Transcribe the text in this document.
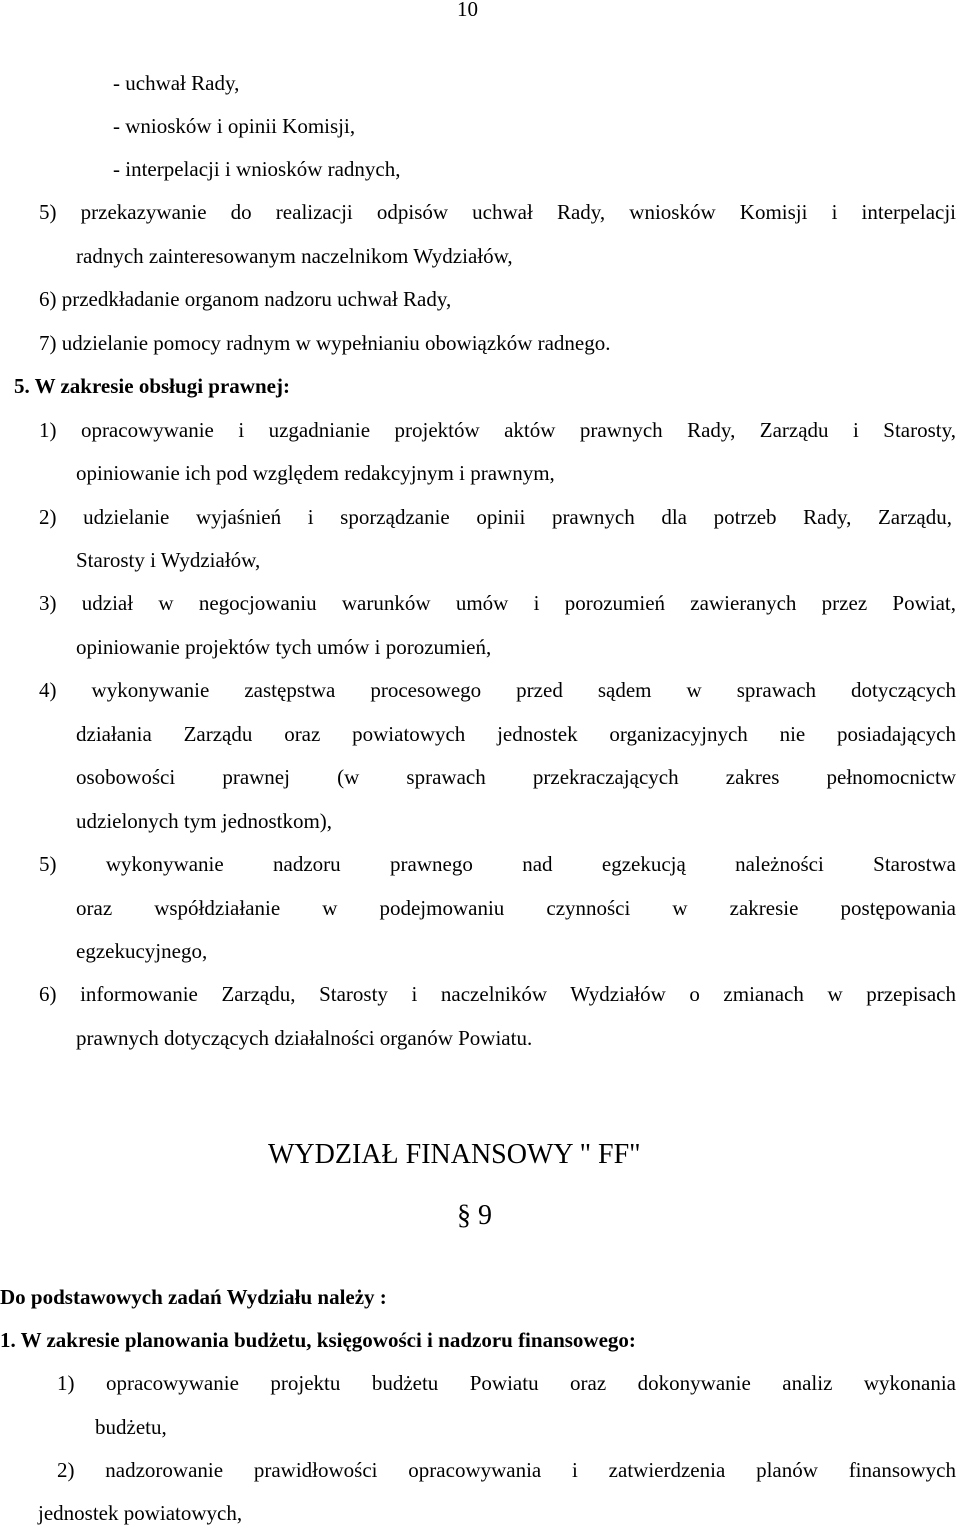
10
- uchwał Rady,
- wniosków i opinii Komisji,
- interpelacji i wniosków radnych,
5) przekazywanie do realizacji odpisów uchwał Rady, wniosków Komisji i interpelacji
radnych zainteresowanym naczelnikom Wydziałów,
6) przedkładanie organom nadzoru uchwał Rady,
7) udzielanie pomocy radnym w wypełnianiu obowiązków radnego.
5. W zakresie obsługi prawnej:
1) opracowywanie i uzgadnianie projektów aktów prawnych Rady, Zarządu i Starosty,
opiniowanie ich pod względem redakcyjnym i prawnym,
2) udzielanie wyjaśnień i sporządzanie opinii prawnych dla potrzeb Rady, Zarządu,
Starosty i Wydziałów,
3) udział w negocjowaniu warunków umów i porozumień zawieranych przez Powiat,
opiniowanie projektów tych umów i porozumień,
4) wykonywanie zastępstwa procesowego przed sądem w sprawach dotyczących
działania Zarządu oraz powiatowych jednostek organizacyjnych nie posiadających
osobowości prawnej (w sprawach przekraczających zakres pełnomocnictw
udzielonych tym jednostkom),
5) wykonywanie nadzoru prawnego nad egzekucją należności Starostwa
oraz współdziałanie w podejmowaniu czynności w zakresie postępowania
egzekucyjnego,
6) informowanie Zarządu, Starosty i naczelników Wydziałów o zmianach w przepisach
prawnych dotyczących działalności organów Powiatu.
WYDZIAŁ FINANSOWY " FF"
§ 9
Do podstawowych zadań Wydziału należy :
1. W zakresie planowania budżetu, księgowości i nadzoru finansowego:
1) opracowywanie projektu budżetu Powiatu oraz dokonywanie analiz wykonania
budżetu,
2) nadzorowanie prawidłowości opracowywania i zatwierdzenia planów finansowych
jednostek powiatowych,
